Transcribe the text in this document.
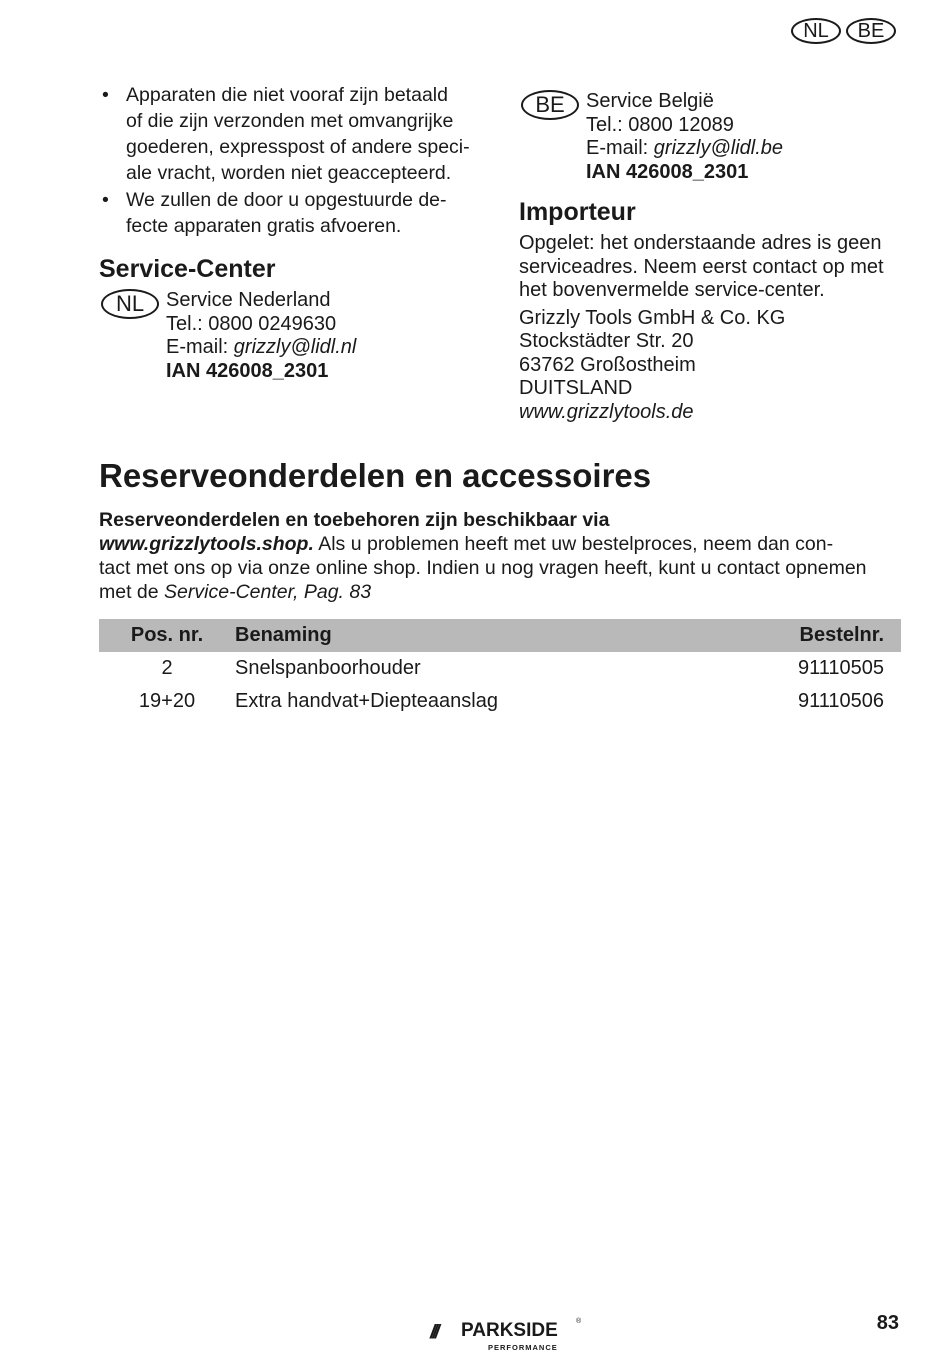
NL	BE
• Apparaten die niet vooraf zijn betaald
of die zijn verzonden met omvangrijke
goederen, expresspost of andere speci-
ale vracht, worden niet geaccepteerd.
• We zullen de door u opgestuurde de-
fecte apparaten gratis afvoeren.
Service-Center
NL	Service Nederland
Tel.: 0800 0249630
E-mail: grizzly@lidl.nl
IAN 426008_2301
BE	Service België
Tel.: 0800 12089
E-mail: grizzly@lidl.be
IAN 426008_2301
Importeur

Opgelet: het onderstaande adres is geen
serviceadres. Neem eerst contact op met
het bovenvermelde service-center.

Grizzly Tools GmbH & Co. KG
Stockstädter Str. 20
63762 Großostheim
DUITSLAND
www.grizzlytools.de

Reserveonderdelen en accessoires
Reserveonderdelen en toebehoren zijn beschikbaar via
www.grizzlytools.shop. Als u problemen heeft met uw bestelproces, neem dan con-
tact met ons op via onze online shop. Indien u nog vragen heeft, kunt u contact opnemen
met de Service-Center, Pag. 83
Pos. nr.	Benaming	Bestelnr.
2	Snelspanboorhouder	91110505
19+20	Extra handvat+Diepteaanslag	91110506
/// PARKSIDE	®
PERFORMANCE
83
